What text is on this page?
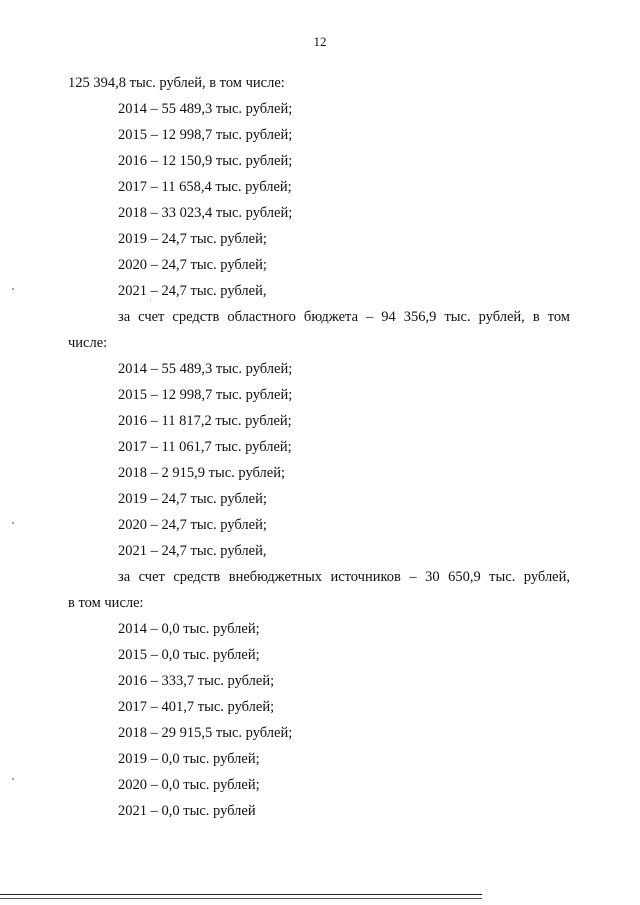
12
125 394,8 тыс. рублей, в том числе:
2014 – 55 489,3 тыс. рублей;
2015 – 12 998,7 тыс. рублей;
2016 – 12 150,9 тыс. рублей;
2017 – 11 658,4 тыс. рублей;
2018 – 33 023,4 тыс. рублей;
2019 – 24,7 тыс. рублей;
2020 – 24,7 тыс. рублей;
2021 – 24,7 тыс. рублей,
за счет средств областного бюджета – 94 356,9 тыс. рублей, в том
числе:
2014 – 55 489,3 тыс. рублей;
2015 – 12 998,7 тыс. рублей;
2016 – 11 817,2 тыс. рублей;
2017 – 11 061,7 тыс. рублей;
2018 – 2 915,9 тыс. рублей;
2019 – 24,7 тыс. рублей;
2020 – 24,7 тыс. рублей;
2021 – 24,7 тыс. рублей,
за счет средств внебюджетных источников – 30 650,9 тыс. рублей,
в том числе:
2014 – 0,0 тыс. рублей;
2015 – 0,0 тыс. рублей;
2016 – 333,7 тыс. рублей;
2017 – 401,7 тыс. рублей;
2018 – 29 915,5 тыс. рублей;
2019 – 0,0 тыс. рублей;
2020 – 0,0 тыс. рублей;
2021 – 0,0 тыс. рублей
